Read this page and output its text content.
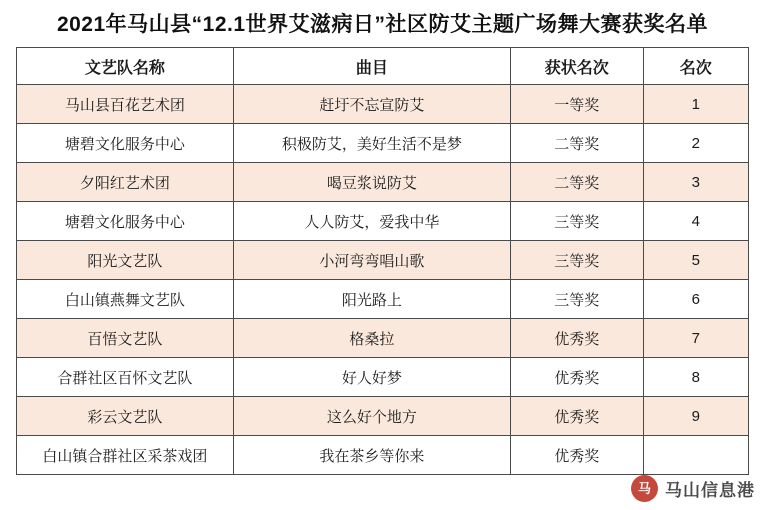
2021年马山县“12.1世界艾滋病日”社区防艾主题广场舞大赛获奖名单
文艺队名称	曲目	获状名次	名次
马山县百花艺术团	赶圩不忘宣防艾	一等奖	1
塘碧文化服务中心	积极防艾，美好生活不是梦	二等奖	2
夕阳红艺术团	喝豆浆说防艾	二等奖	3
塘碧文化服务中心	人人防艾，爱我中华	三等奖	4
阳光文艺队	小河弯弯唱山歌	三等奖	5
白山镇燕舞文艺队	阳光路上	三等奖	6
百悟文艺队	格桑拉	优秀奖	7
合群社区百怀文艺队	好人好梦	优秀奖	8
彩云文艺队	这么好个地方	优秀奖	9
白山镇合群社区采茶戏团	我在茶乡等你来	优秀奖	
马 马山信息港
